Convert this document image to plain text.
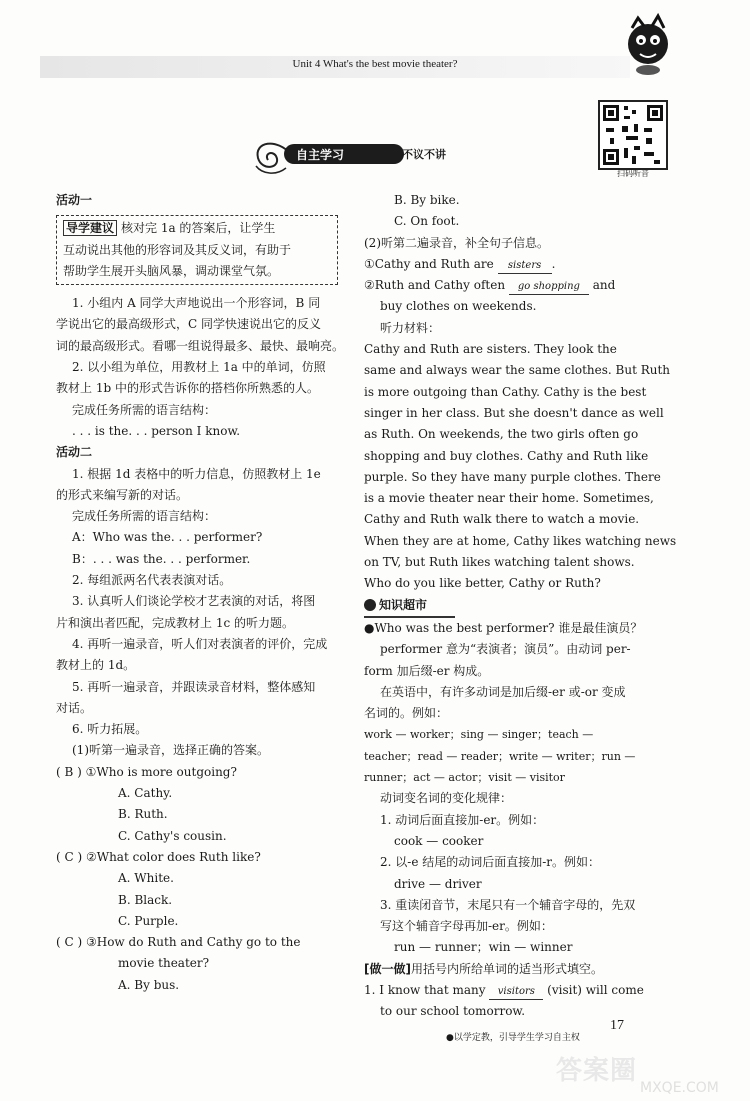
Unit 4 What's the best movie theater?
扫码听音
自主学习	不议不讲
活动一
导学建议 核对完 1a 的答案后，让学生
互动说出其他的形容词及其反义词，有助于
帮助学生展开头脑风暴，调动课堂气氛。
1. 小组内 A 同学大声地说出一个形容词，B 同
学说出它的最高级形式，C 同学快速说出它的反义
词的最高级形式。看哪一组说得最多、最快、最响亮。
2. 以小组为单位，用教材上 1a 中的单词，仿照
教材上 1b 中的形式告诉你的搭档你所熟悉的人。
完成任务所需的语言结构：
. . . is the. . . person I know.
活动二
1. 根据 1d 表格中的听力信息，仿照教材上 1e
的形式来编写新的对话。
完成任务所需的语言结构：
A：Who was the. . . performer?
B：. . . was the. . . performer.
2. 每组派两名代表表演对话。
3. 认真听人们谈论学校才艺表演的对话，将图
片和演出者匹配，完成教材上 1c 的听力题。
4. 再听一遍录音，听人们对表演者的评价，完成
教材上的 1d。
5. 再听一遍录音，并跟读录音材料，整体感知
对话。
6. 听力拓展。
(1)听第一遍录音，选择正确的答案。
( B ) ①Who is more outgoing?
A. Cathy.
B. Ruth.
C. Cathy's cousin.
( C ) ②What color does Ruth like?
A. White.
B. Black.
C. Purple.
( C ) ③How do Ruth and Cathy go to the
movie theater?
A. By bus.
B. By bike.
C. On foot.
(2)听第二遍录音，补全句子信息。
①Cathy and Ruth are sisters .
②Ruth and Cathy often go shopping and
buy clothes on weekends.
听力材料：
Cathy and Ruth are sisters. They look the
same and always wear the same clothes. But Ruth
is more outgoing than Cathy. Cathy is the best
singer in her class. But she doesn't dance as well
as Ruth. On weekends, the two girls often go
shopping and buy clothes. Cathy and Ruth like
purple. So they have many purple clothes. There
is a movie theater near their home. Sometimes,
Cathy and Ruth walk there to watch a movie.
When they are at home, Cathy likes watching news
on TV, but Ruth likes watching talent shows.
Who do you like better, Cathy or Ruth?
知识超市
●Who was the best performer? 谁是最佳演员？
performer 意为“表演者；演员”。由动词 per-
form 加后缀-er 构成。
在英语中，有许多动词是加后缀-er 或-or 变成
名词的。例如：
work — worker；sing — singer；teach —
teacher；read — reader；write — writer；run —
runner；act — actor；visit — visitor
动词变名词的变化规律：
1. 动词后面直接加-er。例如：
cook — cooker
2. 以-e 结尾的动词后面直接加-r。例如：
drive — driver
3. 重读闭音节，末尾只有一个辅音字母的，先双
写这个辅音字母再加-er。例如：
run — runner；win — winner
[做一做]用括号内所给单词的适当形式填空。
1. I know that many visitors (visit) will come
to our school tomorrow.
●以学定教，引导学生学习自主权
17
答案圈
MXQE.COM
